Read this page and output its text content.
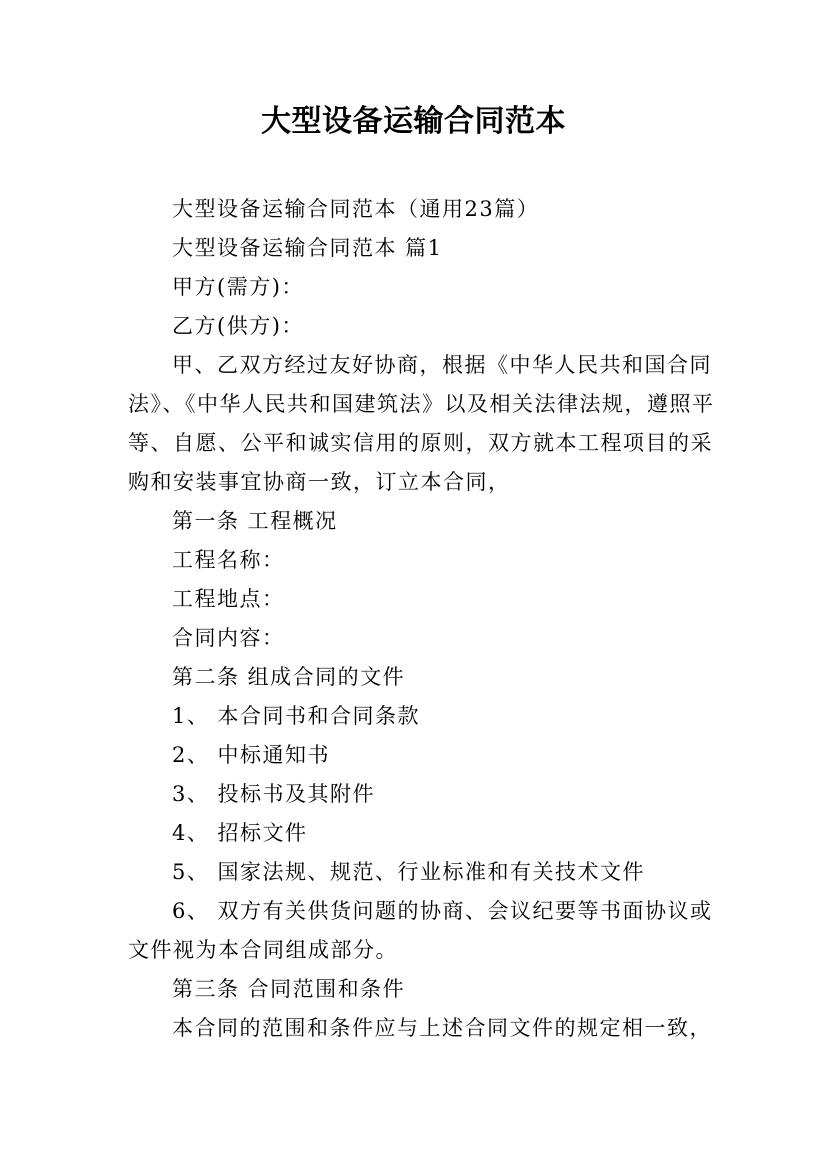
大型设备运输合同范本
大型设备运输合同范本（通用23篇）
大型设备运输合同范本 篇1
甲方(需方)：
乙方(供方)：
甲、乙双方经过友好协商，根据《中华人民共和国合同
法》、《中华人民共和国建筑法》以及相关法律法规，遵照平
等、自愿、公平和诚实信用的原则，双方就本工程项目的采
购和安装事宜协商一致，订立本合同，
第一条 工程概况
工程名称：
工程地点：
合同内容：
第二条 组成合同的文件
1、 本合同书和合同条款
2、 中标通知书
3、 投标书及其附件
4、 招标文件
5、 国家法规、规范、行业标准和有关技术文件
6、 双方有关供货问题的协商、会议纪要等书面协议或
文件视为本合同组成部分。
第三条 合同范围和条件
本合同的范围和条件应与上述合同文件的规定相一致，
